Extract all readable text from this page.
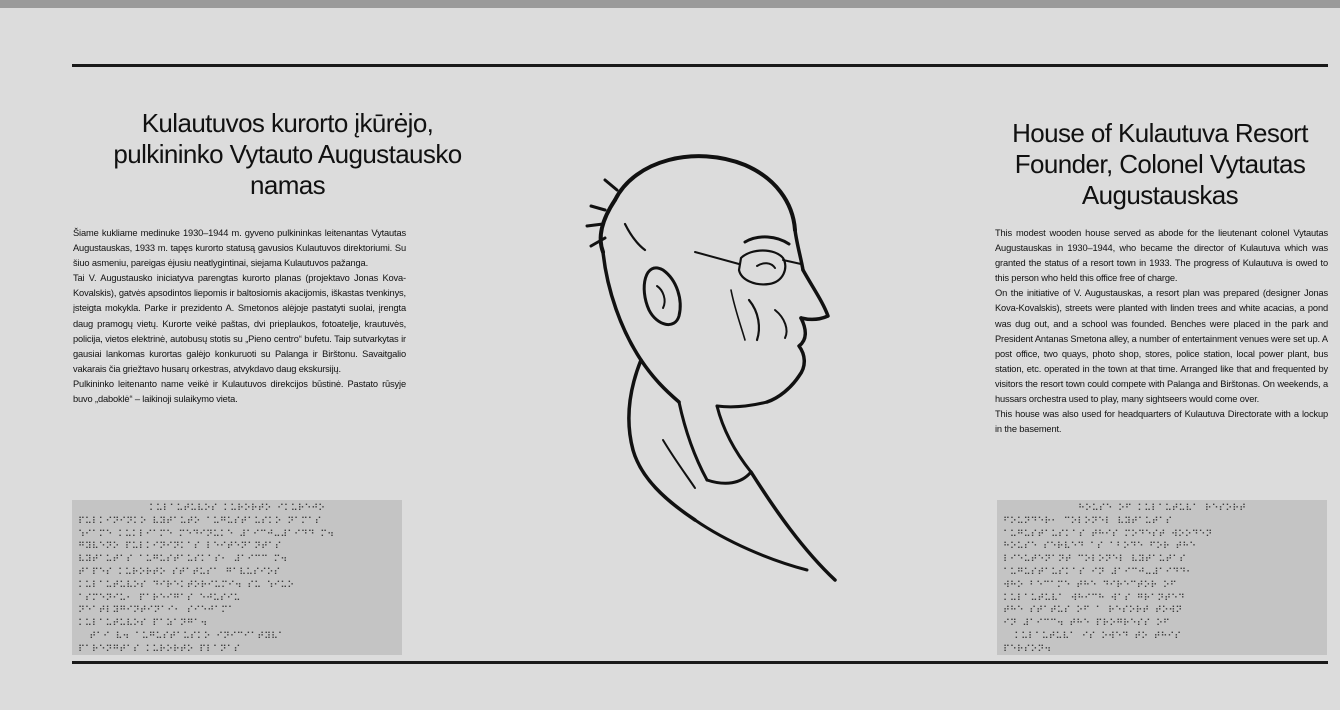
Kulautuvos kurorto įkūrėjo, pulkininko Vytauto Augustausko namas

Šiame kukliame medinuke 1930–1944 m. gyveno pulkininkas leitenantas Vytautas Augustauskas, 1933 m. tapęs kurorto statusą gavusios Kulautuvos direktoriumi. Su šiuo asmeniu, pareigas ėjusiu neatlygintinai, siejama Kulautuvos pažanga.

Tai V. Augustausko iniciatyva parengtas kurorto planas (projektavo Jonas Kova-Kovalskis), gatvės apsodintos liepomis ir baltosiomis akacijomis, iškastas tvenkinys, įsteigta mokykla. Parke ir prezidento A. Smetonos alėjoje pastatyti suolai, įrengta daug pramogų vietų. Kurorte veikė paštas, dvi prieplaukos, fotoatelje, krautuvės, policija, vietos elektrinė, autobusų stotis su „Pieno centro“ bufetu. Taip sutvarkytas ir gausiai lankomas kurortas galėjo konkuruoti su Palanga ir Birštonu. Savaitgalio vakarais čia griežtavo husarų orkestras, atvykdavo daug ekskursijų.

Pulkininko leitenanto name veikė ir Kulautuvos direkcijos būstinė. Pastato rūsyje buvo „daboklė“ – laikinoji sulaikymo vieta.

⠅⠥⠇⠁⠥⠞⠥⠧⠕⠎ ⠅⠥⠗⠕⠗⠞⠕ ⠊⠅⠥⠗⠑⠚⠕
⠏⠥⠇⠅⠊⠝⠊⠝⠅⠕ ⠧⠽⠞⠁⠥⠞⠕ ⠁⠥⠛⠥⠎⠞⠁⠥⠎⠅⠕ ⠝⠁⠍⠁⠎
⠱⠊⠁⠍⠑ ⠅⠥⠅⠇⠊⠁⠍⠑ ⠍⠑⠙⠊⠝⠥⠅⠑ ⠼⠁⠊⠉⠚⠤⠼⠁⠊⠙⠙ ⠍⠲
⠛⠽⠧⠑⠝⠕ ⠏⠥⠇⠅⠊⠝⠊⠝⠅⠁⠎ ⠇⠑⠊⠞⠑⠝⠁⠝⠞⠁⠎
⠧⠽⠞⠁⠥⠞⠁⠎ ⠁⠥⠛⠥⠎⠞⠁⠥⠎⠅⠁⠎⠂ ⠼⠁⠊⠉⠉ ⠍⠲
⠞⠁⠏⠑⠎ ⠅⠥⠗⠕⠗⠞⠕ ⠎⠞⠁⠞⠥⠎⠁ ⠛⠁⠧⠥⠎⠊⠕⠎
⠅⠥⠇⠁⠥⠞⠥⠧⠕⠎ ⠙⠊⠗⠑⠅⠞⠕⠗⠊⠥⠍⠊⠲ ⠎⠥ ⠱⠊⠥⠕
⠁⠎⠍⠑⠝⠊⠥⠂ ⠏⠁⠗⠑⠊⠛⠁⠎ ⠑⠚⠥⠎⠊⠥
⠝⠑⠁⠞⠇⠽⠛⠊⠝⠞⠊⠝⠁⠊⠂ ⠎⠊⠑⠚⠁⠍⠁
⠅⠥⠇⠁⠥⠞⠥⠧⠕⠎ ⠏⠁⠵⠁⠝⠛⠁⠲
⠞⠁⠊ ⠧⠲ ⠁⠥⠛⠥⠎⠞⠁⠥⠎⠅⠕ ⠊⠝⠊⠉⠊⠁⠞⠽⠧⠁
⠏⠁⠗⠑⠝⠛⠞⠁⠎ ⠅⠥⠗⠕⠗⠞⠕ ⠏⠇⠁⠝⠁⠎
House of Kulautuva Resort Founder, Colonel Vytautas Augustauskas

This modest wooden house served as abode for the lieutenant colonel Vytautas Augustauskas in 1930–1944, who became the director of Kulautuva which was granted the status of a resort town in 1933. The progress of Kulautuva is owed to this person who held this office free of charge.

On the initiative of V. Augustauskas, a resort plan was prepared (designer Jonas Kova-Kovalskis), streets were planted with linden trees and white acacias, a pond was dug out, and a school was founded. Benches were placed in the park and President Antanas Smetona alley, a number of entertainment venues were set up. A post office, two quays, photo shop, stores, police station, local power plant, bus station, etc. operated in the town at that time. Arranged like that and frequented by visitors the resort town could compete with Palanga and Birštonas. On weekends, a hussars orchestra used to play, many sightseers would come over.

This house was also used for headquarters of Kulautuva Directorate with a lockup in the basement.

⠓⠕⠥⠎⠑ ⠕⠋ ⠅⠥⠇⠁⠥⠞⠥⠧⠁ ⠗⠑⠎⠕⠗⠞
⠋⠕⠥⠝⠙⠑⠗⠂ ⠉⠕⠇⠕⠝⠑⠇ ⠧⠽⠞⠁⠥⠞⠁⠎
⠁⠥⠛⠥⠎⠞⠁⠥⠎⠅⠁⠎ ⠞⠓⠊⠎ ⠍⠕⠙⠑⠎⠞ ⠺⠕⠕⠙⠑⠝
⠓⠕⠥⠎⠑ ⠎⠑⠗⠧⠑⠙ ⠁⠎ ⠁⠃⠕⠙⠑ ⠋⠕⠗ ⠞⠓⠑
⠇⠊⠑⠥⠞⠑⠝⠁⠝⠞ ⠉⠕⠇⠕⠝⠑⠇ ⠧⠽⠞⠁⠥⠞⠁⠎
⠁⠥⠛⠥⠎⠞⠁⠥⠎⠅⠁⠎ ⠊⠝ ⠼⠁⠊⠉⠚⠤⠼⠁⠊⠙⠙⠂
⠺⠓⠕ ⠃⠑⠉⠁⠍⠑ ⠞⠓⠑ ⠙⠊⠗⠑⠉⠞⠕⠗ ⠕⠋
⠅⠥⠇⠁⠥⠞⠥⠧⠁ ⠺⠓⠊⠉⠓ ⠺⠁⠎ ⠛⠗⠁⠝⠞⠑⠙
⠞⠓⠑ ⠎⠞⠁⠞⠥⠎ ⠕⠋ ⠁ ⠗⠑⠎⠕⠗⠞ ⠞⠕⠺⠝
⠊⠝ ⠼⠁⠊⠉⠉⠲ ⠞⠓⠑ ⠏⠗⠕⠛⠗⠑⠎⠎ ⠕⠋
⠅⠥⠇⠁⠥⠞⠥⠧⠁ ⠊⠎ ⠕⠺⠑⠙ ⠞⠕ ⠞⠓⠊⠎
⠏⠑⠗⠎⠕⠝⠲
